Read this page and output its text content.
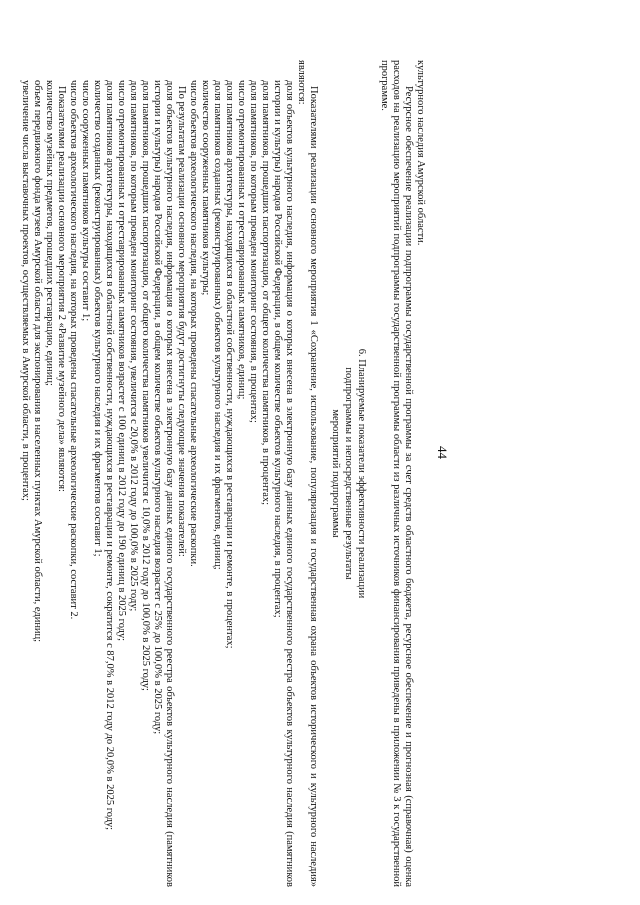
44

культурного наследия Амурской области.

Ресурсное обеспечение реализации подпрограммы государственной программы за счет средств областного бюджета, ресурсное обеспечение и прогнозная (справочная) оценка расходов на реализацию мероприятий подпрограммы государственной программы области из различных источников финансирования приведены в приложении № 3 к государственной программе.

6. Планируемые показатели эффективности реализации
подпрограммы и непосредственные результаты
мероприятий подпрограммы

Показателями реализации основного мероприятия 1 «Сохранение, использование, популяризация и государственная охрана объектов исторического и культурного наследия» являются:

доля объектов культурного наследия, информация о которых внесена в электронную базу данных единого государственного реестра объектов культурного наследия (памятников истории и культуры) народов Российской Федерации, в общем количестве объектов культурного наследия, в процентах;

доля памятников, прошедших паспортизацию, от общего количества памятников, в процентах;

доля памятников, по которым проведен мониторинг состояния, в процентах;

число отремонтированных и отреставрированных памятников, единиц;

доля памятников архитектуры, находящихся в областной собственности, нуждающихся в реставрации и ремонте, в процентах;

доля памятников созданных (реконструированных) объектов культурного наследия и их фрагментов, единиц;

количество сооруженных памятников культуры;

число объектов археологического наследия, на которых проведены спасательные археологические раскопки.

По результатам реализации основного мероприятия будут достигнуты следующие значения показателей:

доля объектов культурного наследия, информация о которых внесена в электронную базу данных единого государственного реестра объектов культурного наследия (памятников истории и культуры) народов Российской Федерации, в общем количестве объектов культурного наследия возрастет с 25% до 100,0% в 2025 году;

доля памятников, прошедших паспортизацию, от общего количества памятников увеличится с 10,0% в 2012 году до 100,0% в 2025 году;

доля памятников, по которым проведен мониторинг состояния, увеличится с 20,0% в 2012 году до 100,0% в 2025 году;

число отремонтированных и отреставрированных памятников возрастет с 100 единиц в 2012 году до 190 единиц в 2025 году;

доля памятников архитектуры, находящихся в областной собственности, нуждающихся в реставрации и ремонте, сократится с 87,0% в 2012 году до 20,0% в 2025 году;

количество созданных (реконструированных) объектов культурного наследия и их фрагментов составит 1;

число сооруженных памятников культуры составит 1;

число объектов археологического наследия, на которых проведены спасательные археологические раскопки, составит 2.

Показателями реализации основного мероприятия 2 «Развитие музейного дела» являются:

количество музейных предметов, прошедших реставрацию, единиц;

объем передвижного фонда музеев Амурской области для экспонирования в населенных пунктах Амурской области, единиц;

увеличение числа выставочных проектов, осуществляемых в Амурской области, в процентах;
